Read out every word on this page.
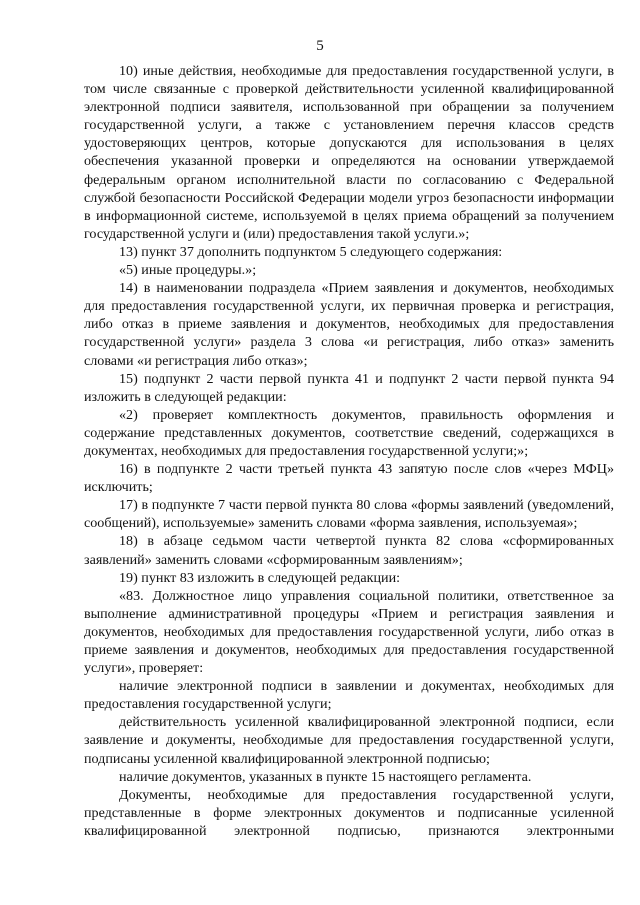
5

10) иные действия, необходимые для предоставления государственной услуги, в том числе связанные с проверкой действительности усиленной квалифицированной электронной подписи заявителя, использованной при обращении за получением государственной услуги, а также с установлением перечня классов средств удостоверяющих центров, которые допускаются для использования в целях обеспечения указанной проверки и определяются на основании утверждаемой федеральным органом исполнительной власти по согласованию с Федеральной службой безопасности Российской Федерации модели угроз безопасности информации в информационной системе, используемой в целях приема обращений за получением государственной услуги и (или) предоставления такой услуги.»;

13) пункт 37 дополнить подпунктом 5 следующего содержания:

«5) иные процедуры.»;

14) в наименовании подраздела «Прием заявления и документов, необходимых для предоставления государственной услуги, их первичная проверка и регистрация, либо отказ в приеме заявления и документов, необходимых для предоставления государственной услуги» раздела 3 слова «и регистрация, либо отказ» заменить словами «и регистрация либо отказ»;

15) подпункт 2 части первой пункта 41 и подпункт 2 части первой пункта 94 изложить в следующей редакции:

«2) проверяет комплектность документов, правильность оформления и содержание представленных документов, соответствие сведений, содержащихся в документах, необходимых для предоставления государственной услуги;»;

16) в подпункте 2 части третьей пункта 43 запятую после слов «через МФЦ» исключить;

17) в подпункте 7 части первой пункта 80 слова «формы заявлений (уведомлений, сообщений), используемые» заменить словами «форма заявления, используемая»;

18) в абзаце седьмом части четвертой пункта 82 слова «сформированных заявлений» заменить словами «сформированным заявлениям»;

19) пункт 83 изложить в следующей редакции:

«83. Должностное лицо управления социальной политики, ответственное за выполнение административной процедуры «Прием и регистрация заявления и документов, необходимых для предоставления государственной услуги, либо отказ в приеме заявления и документов, необходимых для предоставления государственной услуги», проверяет:

наличие электронной подписи в заявлении и документах, необходимых для предоставления государственной услуги;

действительность усиленной квалифицированной электронной подписи, если заявление и документы, необходимые для предоставления государственной услуги, подписаны усиленной квалифицированной электронной подписью;

наличие документов, указанных в пункте 15 настоящего регламента.

Документы, необходимые для предоставления государственной услуги, представленные в форме электронных документов и подписанные усиленной квалифицированной электронной подписью, признаются электронными
